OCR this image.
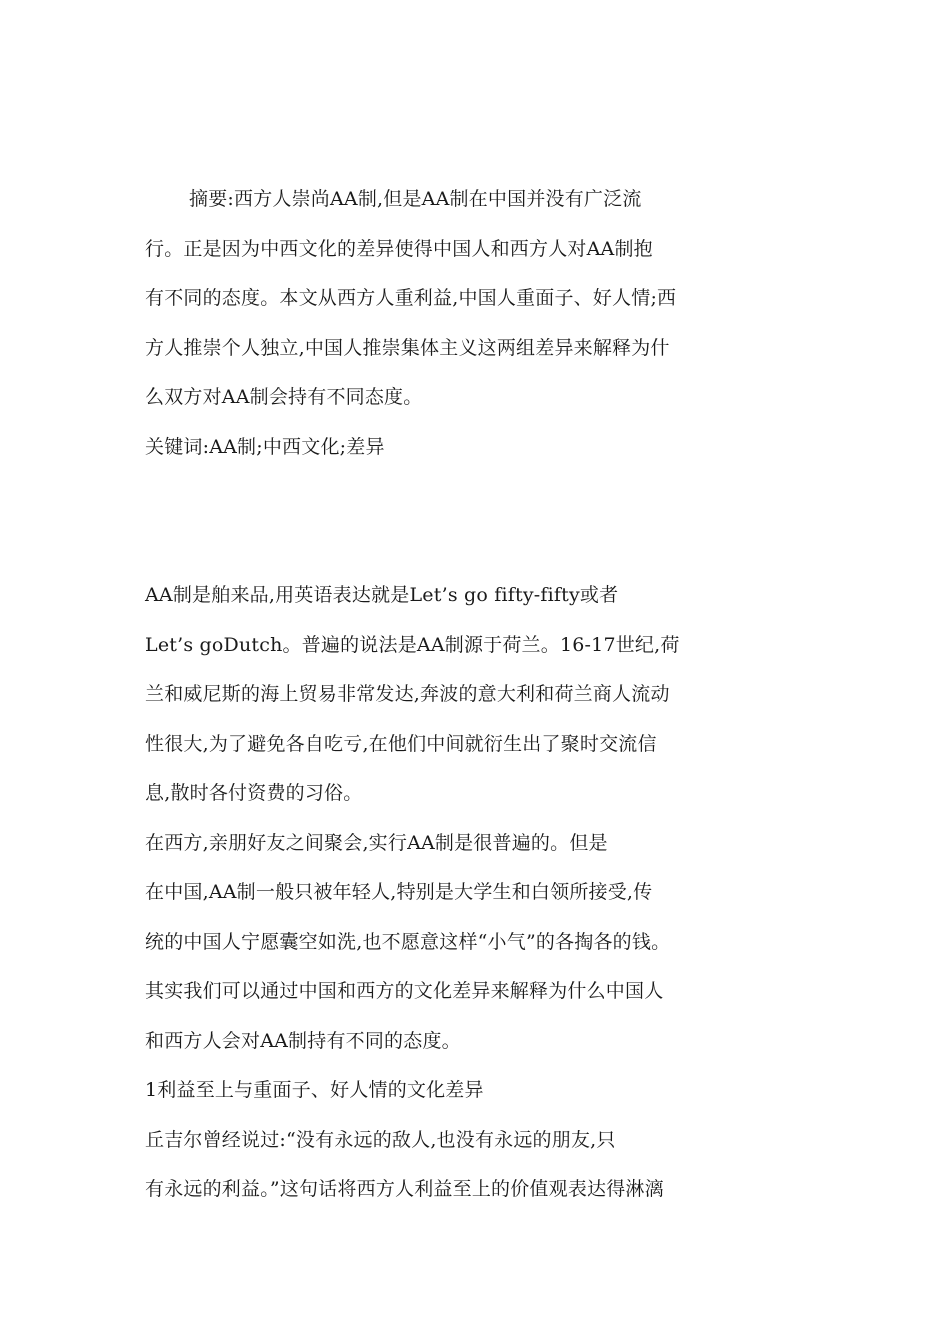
摘要:西方人崇尚AA制,但是AA制在中国并没有广泛流
行。正是因为中西文化的差异使得中国人和西方人对AA制抱
有不同的态度。本文从西方人重利益,中国人重面子、好人情;西
方人推崇个人独立,中国人推崇集体主义这两组差异来解释为什
么双方对AA制会持有不同态度。
关键词:AA制;中西文化;差异
AA制是舶来品,用英语表达就是Let’s go fifty-fifty或者
Let’s goDutch。普遍的说法是AA制源于荷兰。16-17世纪,荷
兰和威尼斯的海上贸易非常发达,奔波的意大利和荷兰商人流动
性很大,为了避免各自吃亏,在他们中间就衍生出了聚时交流信
息,散时各付资费的习俗。
在西方,亲朋好友之间聚会,实行AA制是很普遍的。但是
在中国,AA制一般只被年轻人,特别是大学生和白领所接受,传
统的中国人宁愿囊空如洗,也不愿意这样“小气”的各掏各的钱。
其实我们可以通过中国和西方的文化差异来解释为什么中国人
和西方人会对AA制持有不同的态度。
1利益至上与重面子、好人情的文化差异
丘吉尔曾经说过:“没有永远的敌人,也没有永远的朋友,只
有永远的利益。”这句话将西方人利益至上的价值观表达得淋漓
